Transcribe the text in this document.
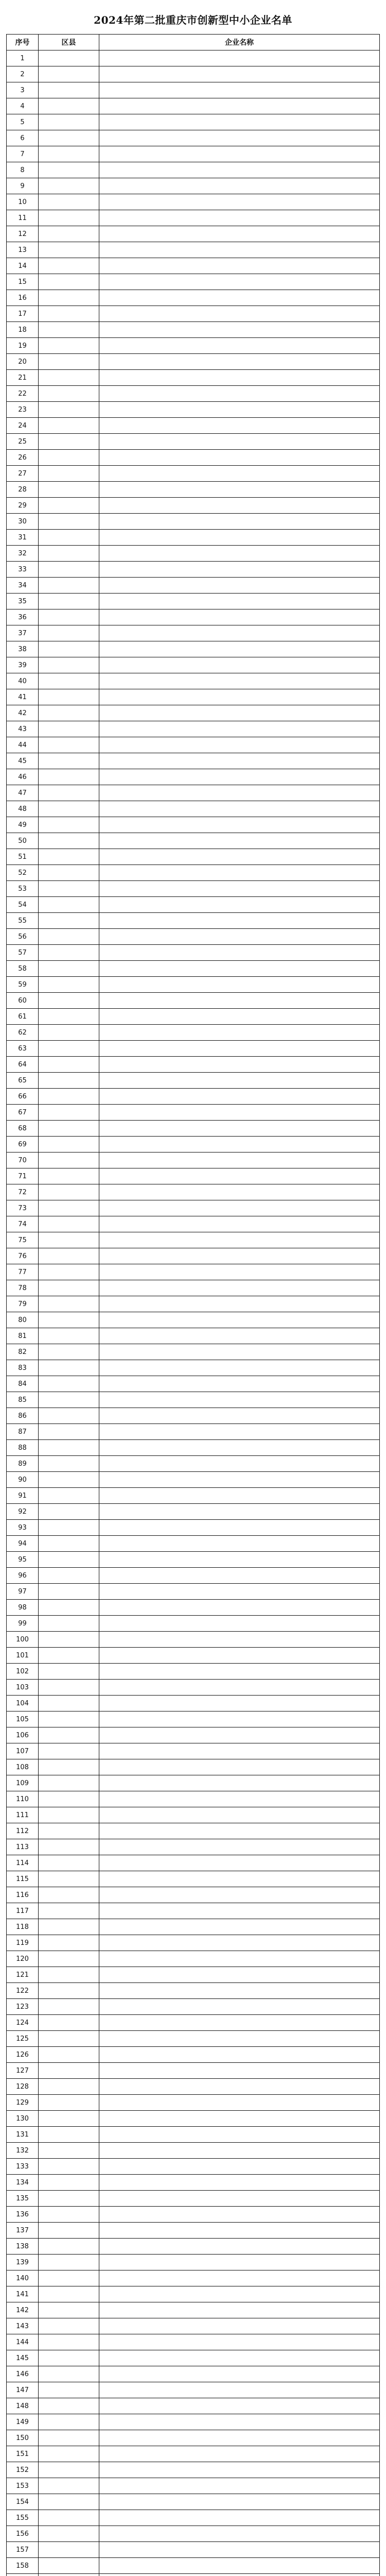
2024年第二批重庆市创新型中小企业名单
序号	区县	企业名称
1		
2		
3		
4		
5		
6		
7		
8		
9		
10		
11		
12		
13		
14		
15		
16		
17		
18		
19		
20		
21		
22		
23		
24		
25		
26		
27		
28		
29		
30		
31		
32		
33		
34		
35		
36		
37		
38		
39		
40		
41		
42		
43		
44		
45		
46		
47		
48		
49		
50		
51		
52		
53		
54		
55		
56		
57		
58		
59		
60		
61		
62		
63		
64		
65		
66		
67		
68		
69		
70		
71		
72		
73		
74		
75		
76		
77		
78		
79		
80		
81		
82		
83		
84		
85		
86		
87		
88		
89		
90		
91		
92		
93		
94		
95		
96		
97		
98		
99		
100		
101		
102		
103		
104		
105		
106		
107		
108		
109		
110		
111		
112		
113		
114		
115		
116		
117		
118		
119		
120		
121		
122		
123		
124		
125		
126		
127		
128		
129		
130		
131		
132		
133		
134		
135		
136		
137		
138		
139		
140		
141		
142		
143		
144		
145		
146		
147		
148		
149		
150		
151		
152		
153		
154		
155		
156		
157		
158		
